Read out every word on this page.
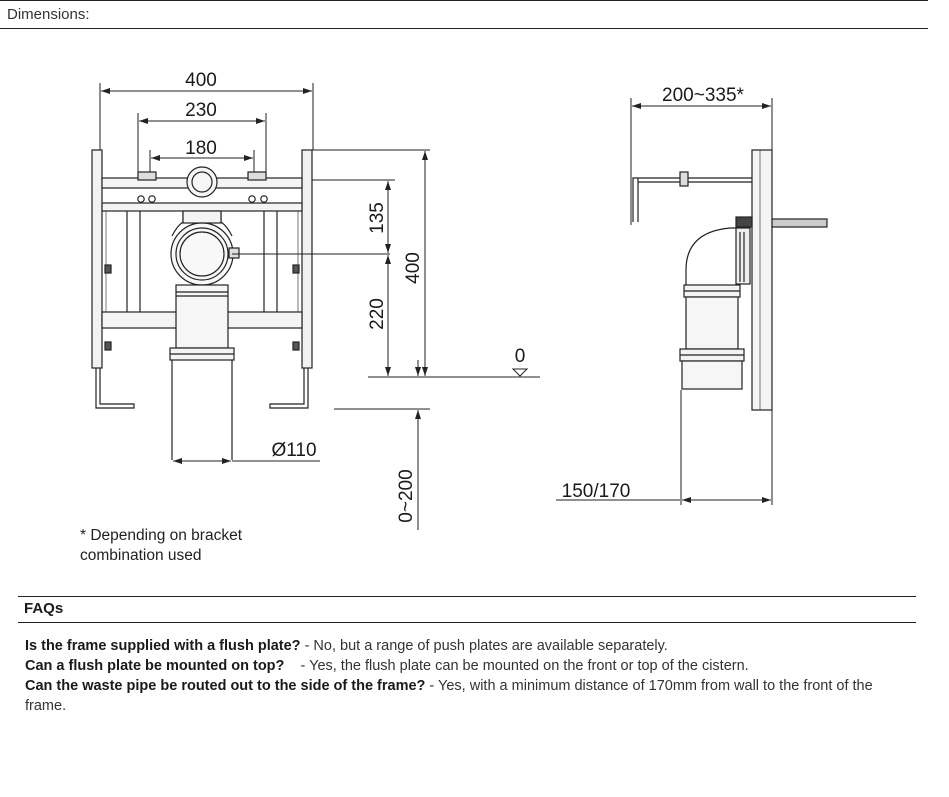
Dimensions:
400
230
180
135
220
400
0
Ø110
0~200
200~335*
150/170
* Depending on bracket
combination used
FAQs

Is the frame supplied with a flush plate? - No, but a range of push plates are available separately.

Can a flush plate be mounted on top?    - Yes, the flush plate can be mounted on the front or top of the cistern.

Can the waste pipe be routed out to the side of the frame? - Yes, with a minimum distance of 170mm from wall to the front of the frame.
